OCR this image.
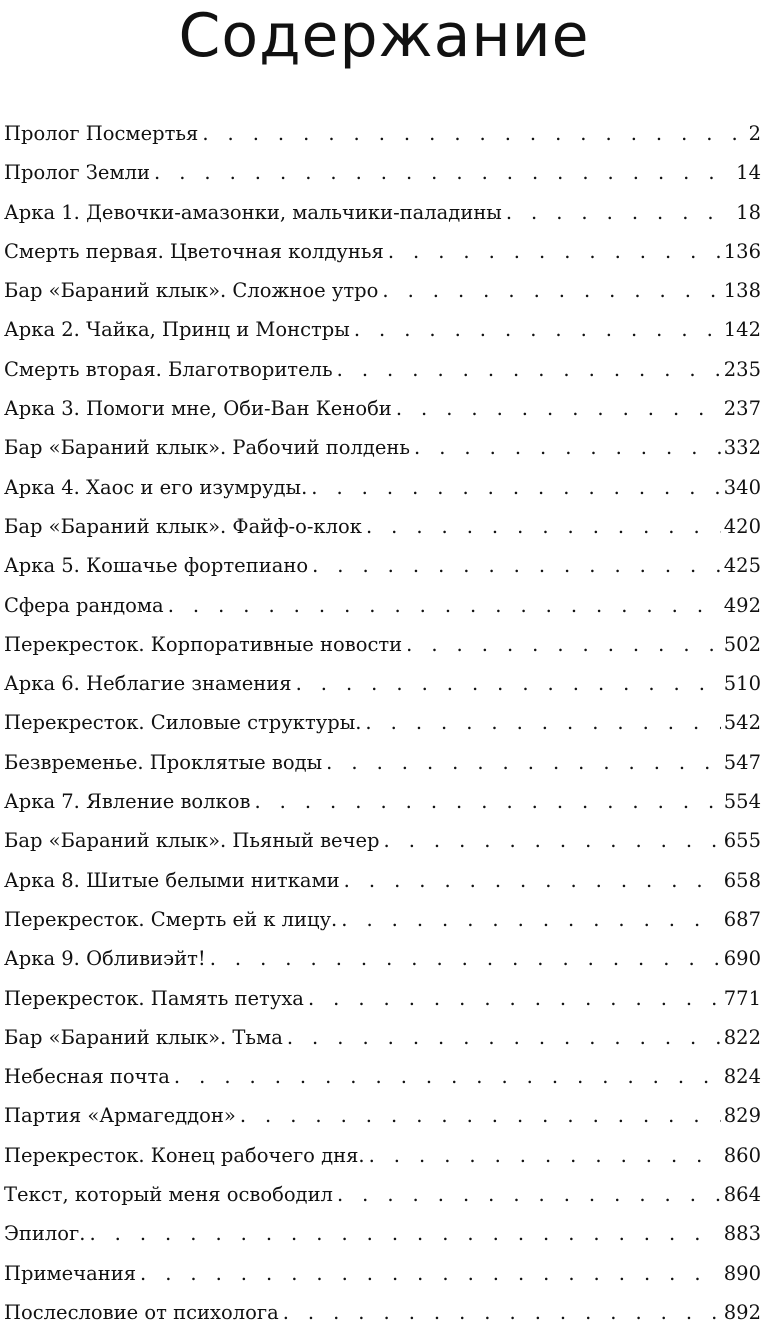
Содержание
Пролог Посмертья . . .	2
Пролог Земли . . .	14
Арка 1. Девочки-амазонки, мальчики-паладины . . .	18
Смерть первая. Цветочная колдунья . . .	136
Бар «Бараний клык». Сложное утро . . .	138
Арка 2. Чайка, Принц и Монстры . . .	142
Смерть вторая. Благотворитель . . .	235
Арка 3. Помоги мне, Оби-Ван Кеноби . . .	237
Бар «Бараний клык». Рабочий полдень . . .	332
Арка 4. Хаос и его изумруды. . . .	340
Бар «Бараний клык». Файф-о-клок . . .	420
Арка 5. Кошачье фортепиано . . .	425
Сфера рандома . . .	492
Перекресток. Корпоративные новости . . .	502
Арка 6. Неблагие знамения . . .	510
Перекресток. Силовые структуры. . . .	542
Безвременье. Проклятые воды . . .	547
Арка 7. Явление волков . . .	554
Бар «Бараний клык». Пьяный вечер . . .	655
Арка 8. Шитые белыми нитками . . .	658
Перекресток. Смерть ей к лицу. . . .	687
Арка 9. Обливиэйт! . . .	690
Перекресток. Память петуха . . .	771
Бар «Бараний клык». Тьма . . .	822
Небесная почта . . .	824
Партия «Армагеддон» . . .	829
Перекресток. Конец рабочего дня. . . .	860
Текст, который меня освободил . . .	864
Эпилог. . . .	883
Примечания . . .	890
Послесловие от психолога . . .	892
